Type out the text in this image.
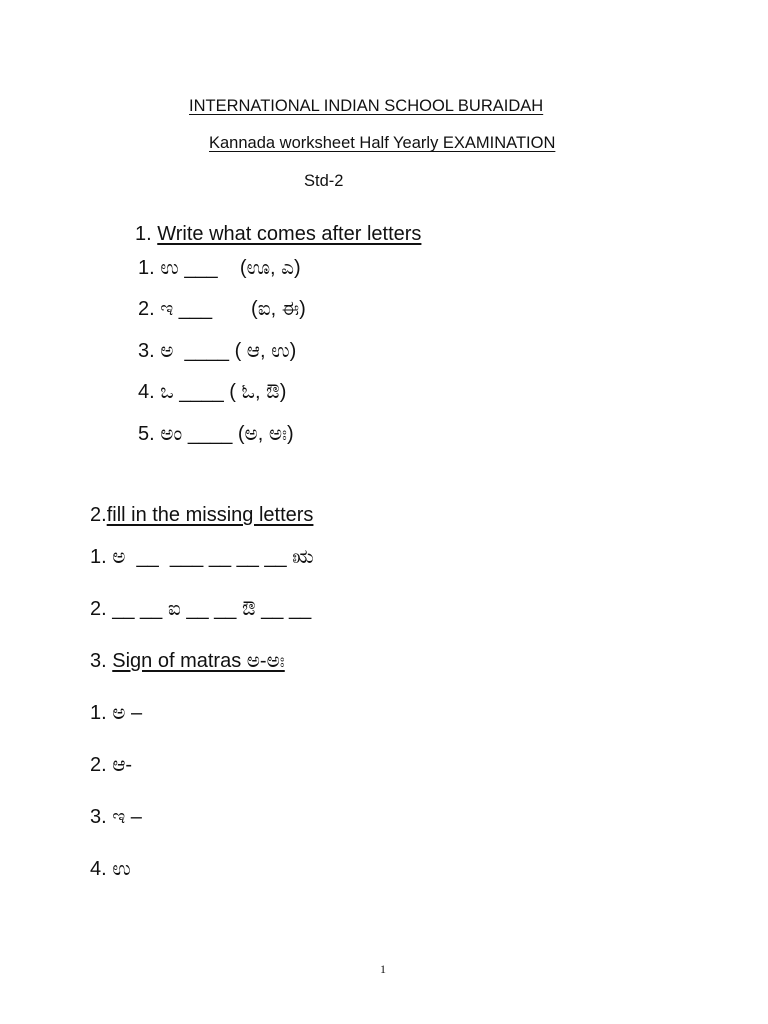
INTERNATIONAL INDIAN SCHOOL BURAIDAH
Kannada worksheet Half Yearly EXAMINATION
Std-2
1. Write what comes after letters
1. ಉ ___    (ಊ, ಎ)
2. ಇ ___       (ಐ, ಈ)
3. ಅ  ____ ( ಆ, ಉ)
4. ಒ ____ ( ಓ, ಔ)
5. ಅಂ ____ (ಅ, ಅಃ)
2.fill in the missing letters
1. ಅ  __  ___ __ __ __ ಋ
2. __ __ ಐ __ __ ಔ __ __
3. Sign of matras ಅ-ಅಃ
1. ಅ –
2. ಆ-
3. ಇ –
4. ಉ
1
